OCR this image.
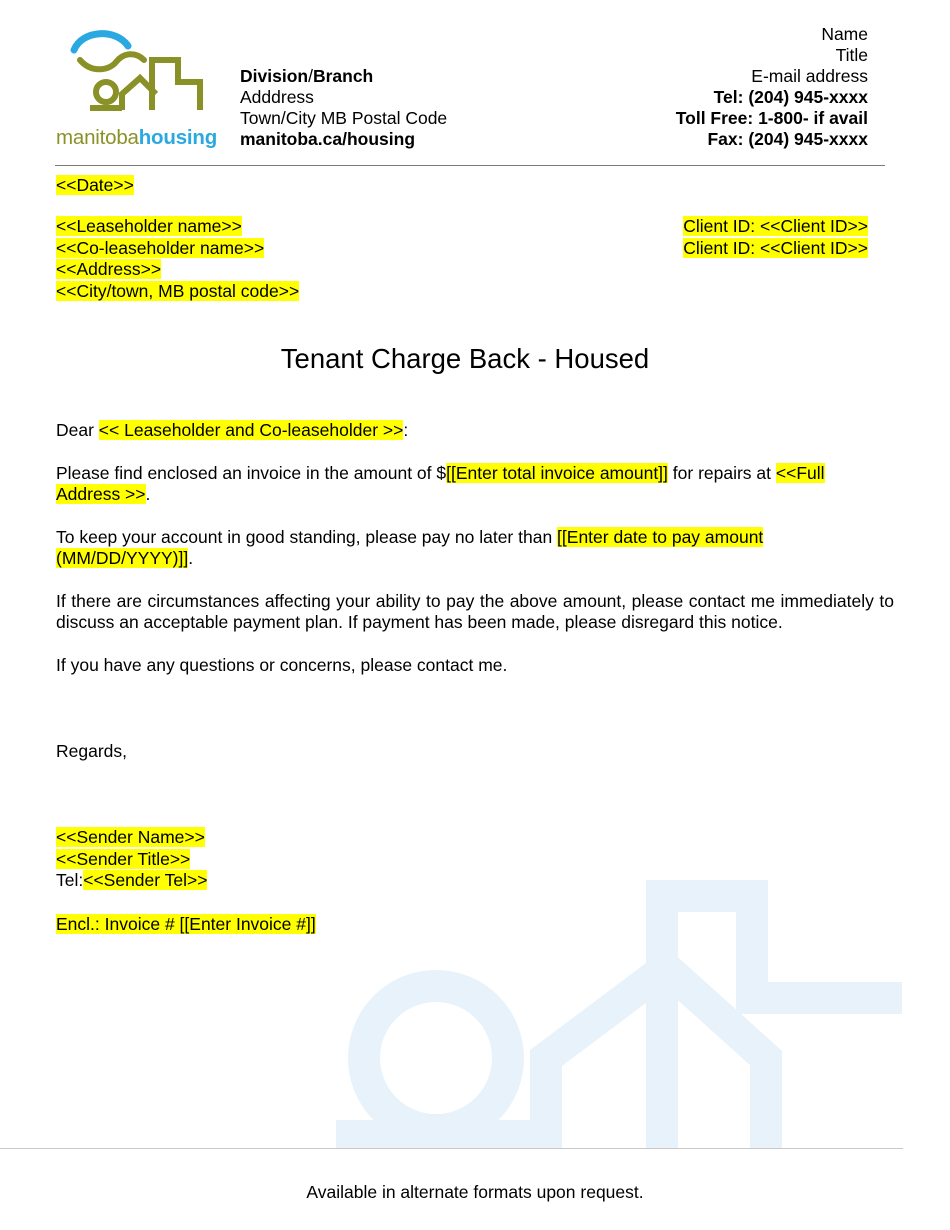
manitobahousing
Division/Branch
Adddress
Town/City MB Postal Code
manitoba.ca/housing
Name
Title
E-mail address
Tel: (204) 945-xxxx
Toll Free: 1-800- if avail
Fax: (204) 945-xxxx
<<Date>>
<<Leaseholder name>>
<<Co-leaseholder name>>
<<Address>>
<<City/town, MB postal code>>
Client ID: <<Client ID>>
Client ID: <<Client ID>>
Tenant Charge Back - Housed

Dear << Leaseholder and Co-leaseholder >>:

Please find enclosed an invoice in the amount of $[[Enter total invoice amount]] for repairs at <<Full
Address >>.

To keep your account in good standing, please pay no later than [[Enter date to pay amount
(MM/DD/YYYY)]].

If there are circumstances affecting your ability to pay the above amount, please contact me immediately to discuss an acceptable payment plan. If payment has been made, please disregard this notice.

If you have any questions or concerns, please contact me.

Regards,
<<Sender Name>>
<<Sender Title>>
Tel:<<Sender Tel>>
Encl.: Invoice # [[Enter Invoice #]]
Available in alternate formats upon request.
